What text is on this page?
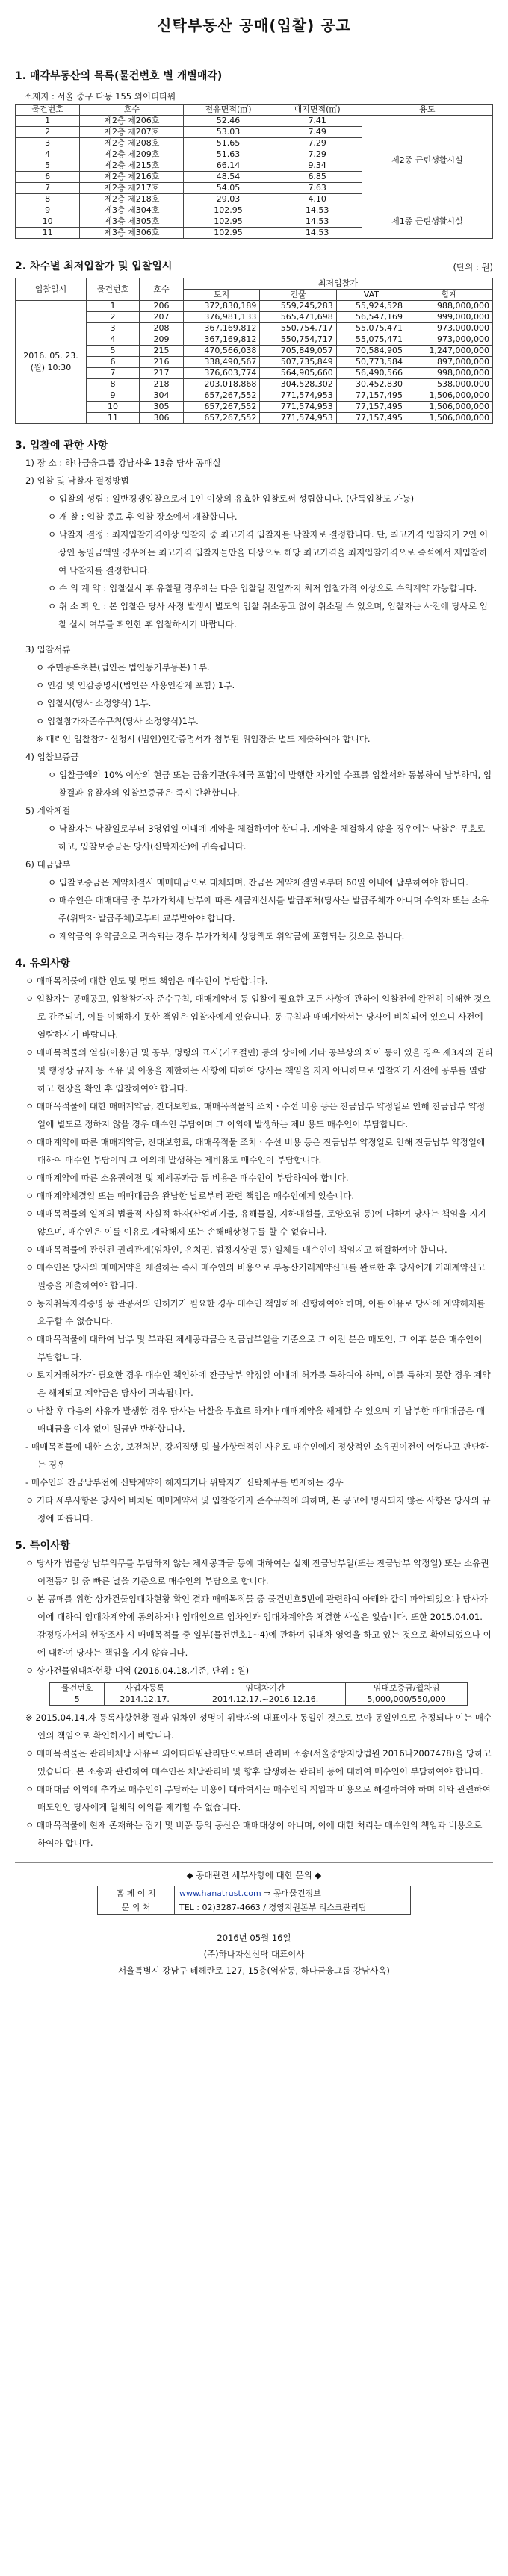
신탁부동산 공매(입찰) 공고
1. 매각부동산의 목록(물건번호 별 개별매각)
소재지 : 서울 중구 다동 155 외이티타워
물건번호	호수	전유면적(㎡)	대지면적(㎡)	용도
1	제2층 제206호	52.46	7.41	제2종 근린생활시설
2	제2층 제207호	53.03	7.49	
3	제2층 제208호	51.65	7.29	
4	제2층 제209호	51.63	7.29	
5	제2층 제215호	66.14	9.34	
6	제2층 제216호	48.54	6.85	
7	제2층 제217호	54.05	7.63	
8	제2층 제218호	29.03	4.10	
9	제3층 제304호	102.95	14.53	제1종 근린생활시설
10	제3층 제305호	102.95	14.53	
11	제3층 제306호	102.95	14.53	
2. 차수별 최저입찰가 및 입찰일시	(단위 : 원)
입찰일시	물건번호	호수	최저입찰가			
			토지	건물	VAT	합계
2016. 05. 23.
(월) 10:30	1	206	372,830,189	559,245,283	55,924,528	988,000,000
	2	207	376,981,133	565,471,698	56,547,169	999,000,000
	3	208	367,169,812	550,754,717	55,075,471	973,000,000
	4	209	367,169,812	550,754,717	55,075,471	973,000,000
	5	215	470,566,038	705,849,057	70,584,905	1,247,000,000
	6	216	338,490,567	507,735,849	50,773,584	897,000,000
	7	217	376,603,774	564,905,660	56,490,566	998,000,000
	8	218	203,018,868	304,528,302	30,452,830	538,000,000
	9	304	657,267,552	771,574,953	77,157,495	1,506,000,000
	10	305	657,267,552	771,574,953	77,157,495	1,506,000,000
	11	306	657,267,552	771,574,953	77,157,495	1,506,000,000
3. 입찰에 관한 사항
1) 장 소 : 하나금융그룹 강남사옥 13층 당사 공매실
2) 입찰 및 낙찰자 결정방법
ㅇ 입찰의 성립 : 일반경쟁입찰으로서 1인 이상의 유효한 입찰로써 성립합니다. (단독입찰도 가능)
ㅇ 개 찰 : 입찰 종료 후 입찰 장소에서 개찰합니다.
ㅇ 낙찰자 결정 : 최저입찰가격이상 입찰자 중 최고가격 입찰자를 낙찰자로 결정합니다. 단, 최고가격 입찰자가 2인 이상인 동일금액일 경우에는 최고가격 입찰자들만을 대상으로 해당 최고가격을 최저입찰가격으로 즉석에서 재입찰하여 낙찰자를 결정합니다.
ㅇ 수 의 계 약 : 입찰실시 후 유찰될 경우에는 다음 입찰일 전일까지 최저 입찰가격 이상으로 수의계약 가능합니다.
ㅇ 취 소 확 인 : 본 입찰은 당사 사정 발생시 별도의 입찰 취소공고 없이 취소될 수 있으며, 입찰자는 사전에 당사로 입찰 실시 여부를 확인한 후 입찰하시기 바랍니다.
3) 입찰서류
ㅇ 주민등록초본(법인은 법인등기부등본) 1부.
ㅇ 인감 및 인감증명서(법인은 사용인감계 포함) 1부.
ㅇ 입찰서(당사 소정양식) 1부.
ㅇ 입찰참가자준수규칙(당사 소정양식)1부.
※ 대리인 입찰참가 신청시 (법인)인감증명서가 첨부된 위임장을 별도 제출하여야 합니다.
4) 입찰보증금
ㅇ 입찰금액의 10% 이상의 현금 또는 금융기관(우체국 포함)이 발행한 자기앞 수표를 입찰서와 동봉하여 납부하며, 입찰결과 유찰자의 입찰보증금은 즉시 반환합니다.
5) 계약체결
ㅇ 낙찰자는 낙찰일로부터 3영업일 이내에 계약을 체결하여야 합니다. 계약을 체결하지 않을 경우에는 낙찰은 무효로 하고, 입찰보증금은 당사(신탁재산)에 귀속됩니다.
6) 대금납부
ㅇ 입찰보증금은 계약체결시 매매대금으로 대체되며, 잔금은 계약체결일로부터 60일 이내에 납부하여야 합니다.
ㅇ 매수인은 매매대금 중 부가가치세 납부에 따른 세금계산서를 발급후처(당사는 발급주체가 아니며 수익자 또는 소유주(위탁자 발급주체)로부터 교부받아야 합니다.
ㅇ 계약금의 위약금으로 귀속되는 경우 부가가치세 상당액도 위약금에 포함되는 것으로 봅니다.
4. 유의사항
ㅇ 매매목적물에 대한 인도 및 명도 책임은 매수인이 부담합니다.
ㅇ 입찰자는 공매공고, 입찰참가자 준수규칙, 매매계약서 등 입찰에 필요한 모든 사항에 관하여 입찰전에 완전히 이해한 것으로 간주되며, 이를 이해하지 못한 책임은 입찰자에게 있습니다. 동 규칙과 매매계약서는 당사에 비치되어 있으니 사전에 열람하시기 바랍니다.
ㅇ 매매목적물의 열실(이용)권 및 공부, 명령의 표시(기조절면) 등의 상이에 기타 공부상의 차이 등이 있을 경우 제3자의 권리 및 행정상 규제 등 소유 및 이용을 제한하는 사항에 대하여 당사는 책임을 지지 아니하므로 입찰자가 사전에 공부를 열람하고 현장을 확인 후 입찰하여야 합니다.
ㅇ 매매목적물에 대한 매매계약금, 잔대보험료, 매매목적물의 조치ㆍ수선 비용 등은 잔금납부 약정일로 인해 잔금납부 약정일에 별도로 정하지 않을 경우 매수인 부담이며 그 이외에 발생하는 제비용도 매수인이 부담합니다.
ㅇ 매매계약에 따른 매매계약금, 잔대보험료, 매매목적물 조치ㆍ수선 비용 등은 잔금납부 약정일로 인해 잔금납부 약정일에 대하여 매수인 부담이며 그 이외에 발생하는 제비용도 매수인이 부담합니다.
ㅇ 매매계약에 따른 소유권이전 및 제세공과금 등 비용은 매수인이 부담하여야 합니다.
ㅇ 매매계약체결일 또는 매매대금을 완납한 날로부터 관련 책임은 매수인에게 있습니다.
ㅇ 매매목적물의 일체의 법률적 사실적 하자(산업폐기물, 유해물질, 지하매설물, 토양오염 등)에 대하여 당사는 책임을 지지 않으며, 매수인은 이를 이유로 계약해제 또는 손해배상청구를 할 수 없습니다.
ㅇ 매매목적물에 관련된 권리관계(임차인, 유치권, 법정지상권 등) 일체를 매수인이 책임지고 해결하여야 합니다.
ㅇ 매수인은 당사의 매매계약을 체결하는 즉시 매수인의 비용으로 부동산거래계약신고를 완료한 후 당사에게 거래계약신고필증을 제출하여야 합니다.
ㅇ 농지취득자격증명 등 관공서의 인허가가 필요한 경우 매수인 책임하에 진행하여야 하며, 이를 이유로 당사에 계약해제를 요구할 수 없습니다.
ㅇ 매매목적물에 대하여 납부 및 부과된 제세공과금은 잔금납부일을 기준으로 그 이전 분은 매도인, 그 이후 분은 매수인이 부담합니다.
ㅇ 토지거래허가가 필요한 경우 매수인 책임하에 잔금납부 약정일 이내에 허가를 득하여야 하며, 이를 득하지 못한 경우 계약은 해제되고 계약금은 당사에 귀속됩니다.
ㅇ 낙찰 후 다음의 사유가 발생할 경우 당사는 낙찰을 무효로 하거나 매매계약을 해제할 수 있으며 기 납부한 매매대금은 매매대금을 이자 없이 원금만 반환합니다.
- 매매목적물에 대한 소송, 보전처분, 강제집행 및 불가항력적인 사유로 매수인에게 정상적인 소유권이전이 어렵다고 판단하는 경우
- 매수인의 잔금납부전에 신탁계약이 해지되거나 위탁자가 신탁채무를 변제하는 경우
ㅇ 기타 세부사항은 당사에 비치된 매매계약서 및 입찰참가자 준수규칙에 의하며, 본 공고에 명시되지 않은 사항은 당사의 규정에 따릅니다.
5. 특이사항
ㅇ 당사가 법률상 납부의무를 부담하지 않는 제세공과금 등에 대하여는 실제 잔금납부일(또는 잔금납부 약정일) 또는 소유권이전등기일 중 빠른 날을 기준으로 매수인의 부담으로 합니다.
ㅇ 본 공매를 위한 상가건물임대차현황 확인 결과 매매목적물 중 물건번호5번에 관련하여 아래와 같이 파악되었으나 당사가 이에 대하여 임대차계약에 동의하거나 임대인으로 임차인과 임대차계약을 체결한 사실은 없습니다. 또한 2015.04.01. 감정평가서의 현장조사 시 매매목적물 중 일부(물건번호1~4)에 관하여 임대차 영업을 하고 있는 것으로 확인되었으나 이에 대하여 당사는 책임을 지지 않습니다.
ㅇ 상가건물임대차현황 내역 (2016.04.18.기준, 단위 : 원)
물건번호	사업자등록	임대차기간	임대보증금/월차임
5	2014.12.17.	2014.12.17.~2016.12.16.	5,000,000/550,000
※ 2015.04.14.자 등록사항현황 결과 임차인 성명이 위탁자의 대표이사 동일인 것으로 보아 동일인으로 추정되나 이는 매수인의 책임으로 확인하시기 바랍니다.
ㅇ 매매목적물은 관리비체납 사유로 외이티타워관리단으로부터 관리비 소송(서울중앙지방법원 2016나2007478)을 당하고 있습니다. 본 소송과 관련하여 매수인은 체납관리비 및 향후 발생하는 관리비 등에 대하여 매수인이 부담하여야 합니다.
ㅇ 매매대금 이외에 추가로 매수인이 부담하는 비용에 대하여서는 매수인의 책임과 비용으로 해결하여야 하며 이와 관련하여 매도인인 당사에게 일체의 이의를 제기할 수 없습니다.
ㅇ 매매목적물에 현재 존재하는 집기 및 비품 등의 동산은 매매대상이 아니며, 이에 대한 처리는 매수인의 책임과 비용으로 하여야 합니다.
◆ 공매관련 세부사항에 대한 문의 ◆
홈 페 이 지	www.hanatrust.com ⇒ 공매물건정보
문 의 처	TEL : 02)3287-4663 / 경영지원본부 리스크관리팀
2016년 05월 16일
(주)하나자산신탁 대표이사
서울특별시 강남구 테헤란로 127, 15층(역삼동, 하나금융그룹 강남사옥)
